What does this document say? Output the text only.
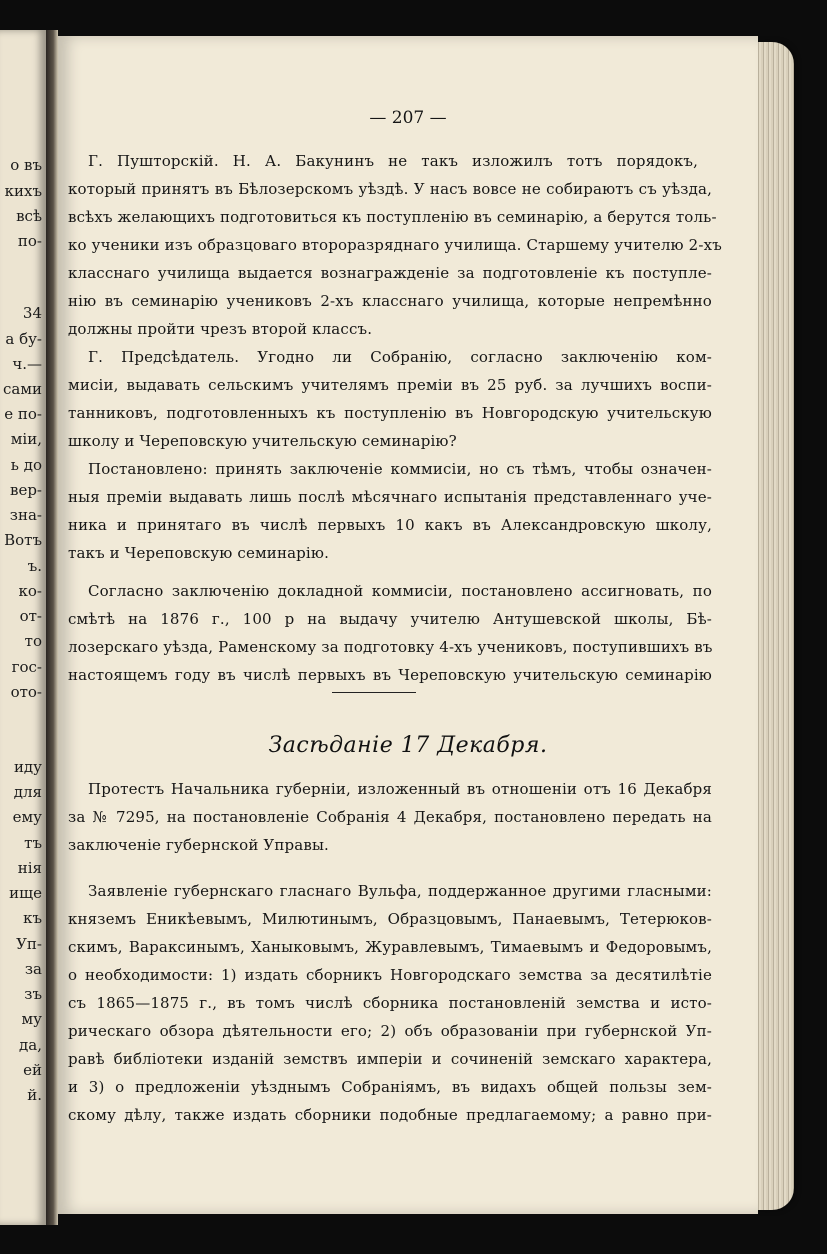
о въ
кихъ
всѣ
по-
34
а бу-
ч.—
сами
е по-
міи,
ь до
вер-
зна-
Вотъ
ъ.
ко-
от-
то
гос-
ото-
иду
для
ему
тъ
нія
ище
къ
Уп-
за
зъ
му
да,
ей
й.
— 207 —
Г. Пушторскій. Н. А. Бакунинъ не такъ изложилъ тотъ порядокъ,
который принятъ въ Бѣлозерскомъ уѣздѣ. У насъ вовсе не собираютъ съ уѣзда,
всѣхъ желающихъ подготовиться къ поступленію въ семинарію, а берутся толь-
ко ученики изъ образцоваго второразряднаго училища. Старшему учителю 2-хъ
класснаго училища выдается вознагражденіе за подготовленіе къ поступле-
нію въ семинарію учениковъ 2-хъ класснаго училища, которые непремѣнно
должны пройти чрезъ второй классъ.
Г. Предсѣдатель. Угодно ли Собранію, согласно заключенію ком-
мисіи, выдавать сельскимъ учителямъ преміи въ 25 руб. за лучшихъ воспи-
танниковъ, подготовленныхъ къ поступленію въ Новгородскую учительскую
школу и Череповскую учительскую семинарію?
Постановлено: принять заключеніе коммисіи, но съ тѣмъ, чтобы означен-
ныя преміи выдавать лишь послѣ мѣсячнаго испытанія представленнаго уче-
ника и принятаго въ числѣ первыхъ 10 какъ въ Александровскую школу,
такъ и Череповскую семинарію.
Согласно заключенію докладной коммисіи, постановлено ассигновать, по
смѣтѣ на 1876 г., 100 р на выдачу учителю Антушевской школы, Бѣ-
лозерскаго уѣзда, Раменскому за подготовку 4-хъ учениковъ, поступившихъ въ
настоящемъ году въ числѣ первыхъ въ Череповскую учительскую семинарію
Засѣданіе 17 Декабря.
Протестъ Начальника губерніи, изложенный въ отношеніи отъ 16 Декабря
за № 7295, на постановленіе Собранія 4 Декабря, постановлено передать на
заключеніе губернской Управы.
Заявленіе губернскаго гласнаго Вульфа, поддержанное другими гласными:
княземъ Еникѣевымъ, Милютинымъ, Образцовымъ, Панаевымъ, Тетерюков-
скимъ, Вараксинымъ, Ханыковымъ, Журавлевымъ, Тимаевымъ и Федоровымъ,
о необходимости: 1) издать сборникъ Новгородскаго земства за десятилѣтіе
съ 1865—1875 г., въ томъ числѣ сборника постановленій земства и исто-
рическаго обзора дѣятельности его; 2) объ образованіи при губернской Уп-
равѣ библіотеки изданій земствъ имперіи и сочиненій земскаго характера,
и 3) о предложеніи уѣзднымъ Собраніямъ, въ видахъ общей пользы зем-
скому дѣлу, также издать сборники подобные предлагаемому; а равно при-
